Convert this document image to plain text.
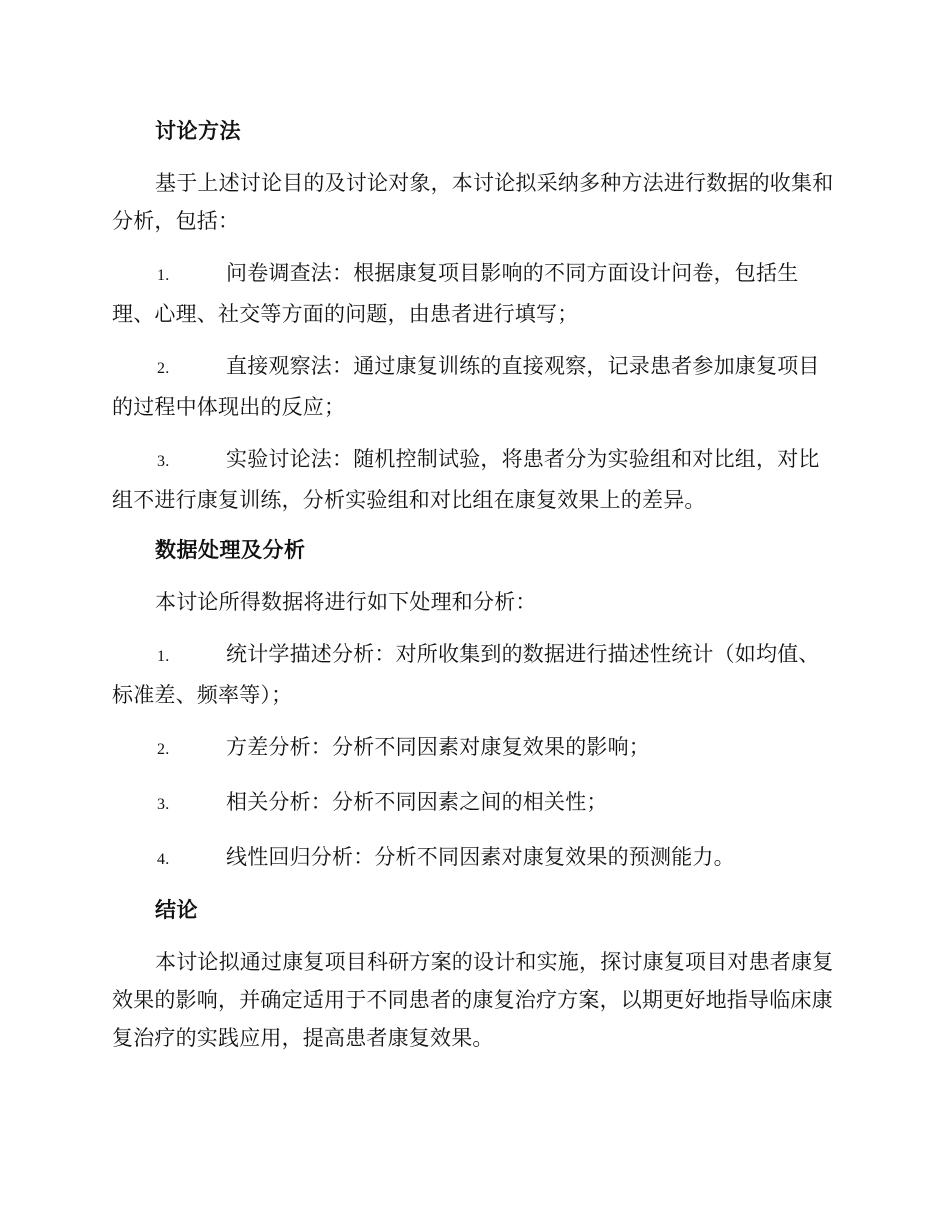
讨论方法

基于上述讨论目的及讨论对象，本讨论拟采纳多种方法进行数据的收集和分析，包括：

1.	问卷调查法：根据康复项目影响的不同方面设计问卷，包括生理、心理、社交等方面的问题，由患者进行填写；

2.	直接观察法：通过康复训练的直接观察，记录患者参加康复项目的过程中体现出的反应；

3.	实验讨论法：随机控制试验，将患者分为实验组和对比组，对比组不进行康复训练，分析实验组和对比组在康复效果上的差异。

数据处理及分析

本讨论所得数据将进行如下处理和分析：

1.	统计学描述分析：对所收集到的数据进行描述性统计（如均值、标准差、频率等）；

2.	方差分析：分析不同因素对康复效果的影响；

3.	相关分析：分析不同因素之间的相关性；

4.	线性回归分析：分析不同因素对康复效果的预测能力。

结论

本讨论拟通过康复项目科研方案的设计和实施，探讨康复项目对患者康复效果的影响，并确定适用于不同患者的康复治疗方案，以期更好地指导临床康复治疗的实践应用，提高患者康复效果。
